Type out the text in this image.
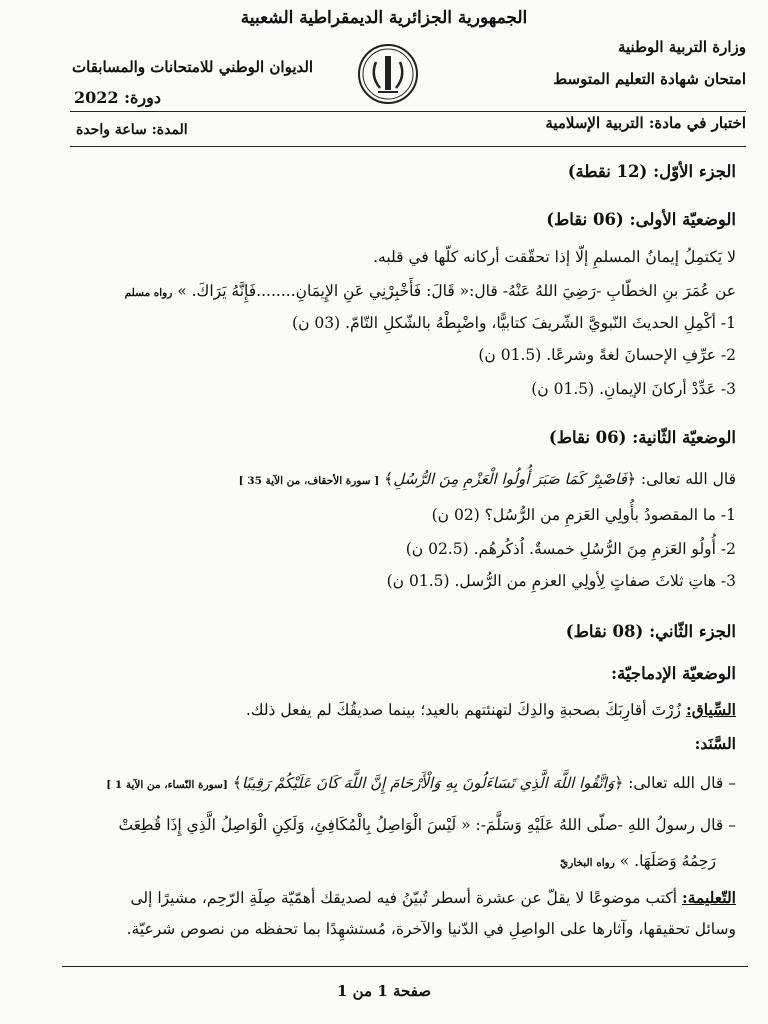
الجمهورية الجزائرية الديمقراطية الشعبية
وزارة التربية الوطنية
امتحان شهادة التعليم المتوسط
الديوان الوطني للامتحانات والمسابقات
دورة: 2022
اختبار في مادة: التربية الإسلامية
المدة: ساعة واحدة
الجزء الأوّل: (12 نقطة)
الوضعيّة الأولى: (06 نقاط)
لا يَكتمِلُ إيمانُ المسلمِ إلّا إذا تحقّقت أركانه كلّها في قلبه.
عن عُمَرَ بنِ الخطّابِ -رَضِيَ اللهُ عَنْهُ- قال:« قَالَ: فَأَخْبِرْنِي عَنِ الإِيمَانِ........فَإِنَّهُ يَرَاكَ. » رواه مسلم
1- أكْمِلِ الحديثَ النّبويَّ الشّريفَ كتابيًّا، واضْبِطْهُ بالشّكلِ التّامّ. (03 ن)
2- عرِّفِ الإحسانَ لغةً وشرعًا. (01.5 ن)
3- عَدِّدْ أركانَ الإيمانِ. (01.5 ن)
الوضعيّة الثّانية: (06 نقاط)
قال الله تعالى: ﴿فَاصْبِرْ كَمَا صَبَرَ أُولُوا الْعَزْمِ مِنَ الرُّسُلِ﴾ [ سورة الأحقاف، من الآية 35 ]
1- ما المقصودُ بأُولِي العَزمِ من الرُّسُل؟ (02 ن)
2- أُولُو العَزمِ مِنَ الرُّسُلِ خمسةٌ. اُذكُرهُم. (02.5 ن)
3- هاتِ ثلاثَ صفاتٍ لِأولِي العزمِ من الرُّسل. (01.5 ن)
الجزء الثّاني: (08 نقاط)
الوضعيّة الإدماجيّة:
السِّياق: زُرْتَ أقارِبَكَ بصحبةِ والدِكَ لتهنئتهم بالعيد؛ بينما صديقُكَ لم يفعل ذلك.
السَّنَد:
– قال الله تعالى: ﴿وَاتَّقُوا اللَّهَ الَّذِي تَسَاءَلُونَ بِهِ وَالْأَرْحَامَ إِنَّ اللَّهَ كَانَ عَلَيْكُمْ رَقِيبًا﴾ [سورة النّساء، من الآية 1 ]
– قال رسولُ اللهِ -صلّى اللهُ عَلَيْهِ وَسَلَّمَ-: « لَيْسَ الْوَاصِلُ بِالْمُكَافِئِ، وَلَكِنِ الْوَاصِلُ الَّذِي إِذَا قُطِعَتْ
رَحِمُهُ وَصَلَهَا. » رواه البخاريّ
التّعليمة: أكتب موضوعًا لا يقلّ عن عشرة أسطر تُبيّنُ فيه لصديقك أهمّيّة صِلَةِ الرّحِم، مشيرًا إلى
وسائل تحقيقها، وآثارها على الواصِلِ في الدّنيا والآخرة، مُستشهِدًا بما تحفظه من نصوص شرعيّة.
صفحة 1 من 1
